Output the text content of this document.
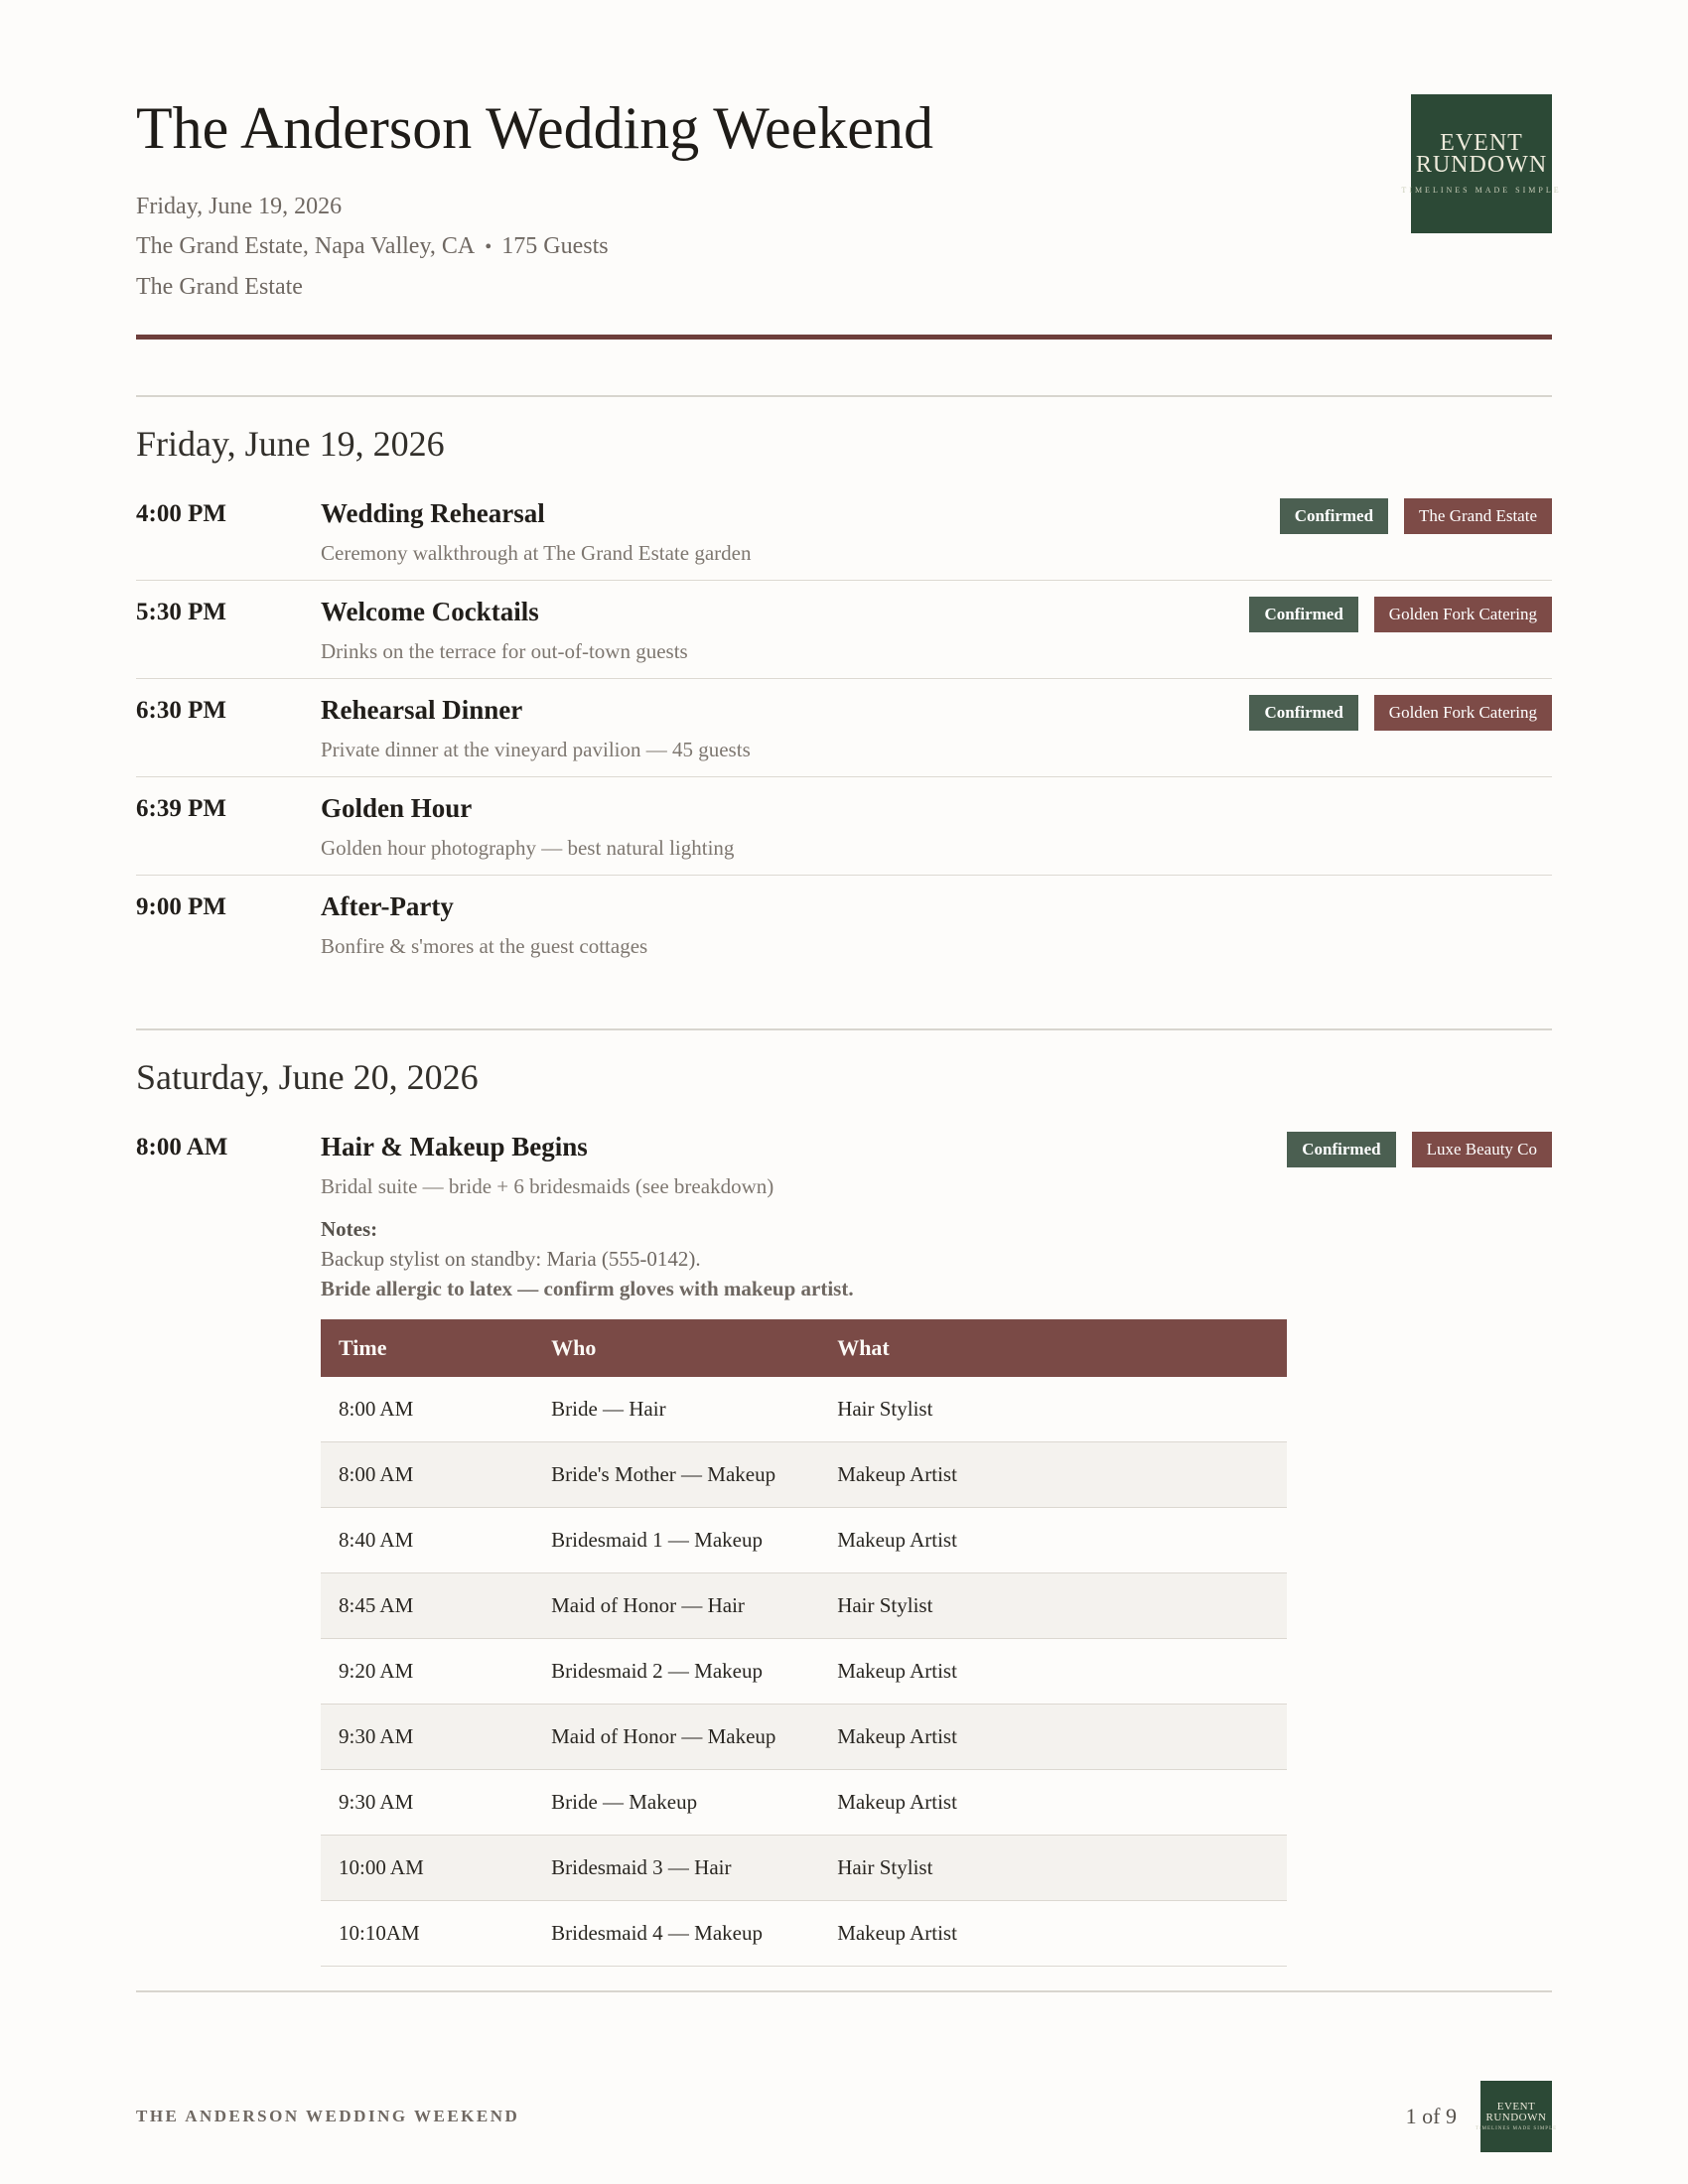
The Anderson Wedding Weekend
Friday, June 19, 2026
The Grand Estate, Napa Valley, CA • 175 Guests
The Grand Estate
EVENT
RUNDOWN
TIMELINES MADE SIMPLE
Friday, June 19, 2026
4:00 PM	Wedding Rehearsal
Ceremony walkthrough at The Grand Estate garden
Confirmed	The Grand Estate
5:30 PM	Welcome Cocktails
Drinks on the terrace for out-of-town guests
Confirmed	Golden Fork Catering
6:30 PM	Rehearsal Dinner
Private dinner at the vineyard pavilion — 45 guests
Confirmed	Golden Fork Catering
6:39 PM	Golden Hour
Golden hour photography — best natural lighting
9:00 PM	After-Party
Bonfire & s'mores at the guest cottages
Saturday, June 20, 2026
8:00 AM	Hair & Makeup Begins
Bridal suite — bride + 6 bridesmaids (see breakdown)
Notes:
Backup stylist on standby: Maria (555-0142).
Bride allergic to latex — confirm gloves with makeup artist.
Time	Who	What
8:00 AM	Bride — Hair	Hair Stylist
8:00 AM	Bride's Mother — Makeup	Makeup Artist
8:40 AM	Bridesmaid 1 — Makeup	Makeup Artist
8:45 AM	Maid of Honor — Hair	Hair Stylist
9:20 AM	Bridesmaid 2 — Makeup	Makeup Artist
9:30 AM	Maid of Honor — Makeup	Makeup Artist
9:30 AM	Bride — Makeup	Makeup Artist
10:00 AM	Bridesmaid 3 — Hair	Hair Stylist
10:10AM	Bridesmaid 4 — Makeup	Makeup Artist
Confirmed	Luxe Beauty Co
THE ANDERSON WEDDING WEEKEND	1 of 9	EVENT
RUNDOWN
TIMELINES MADE SIMPLE
